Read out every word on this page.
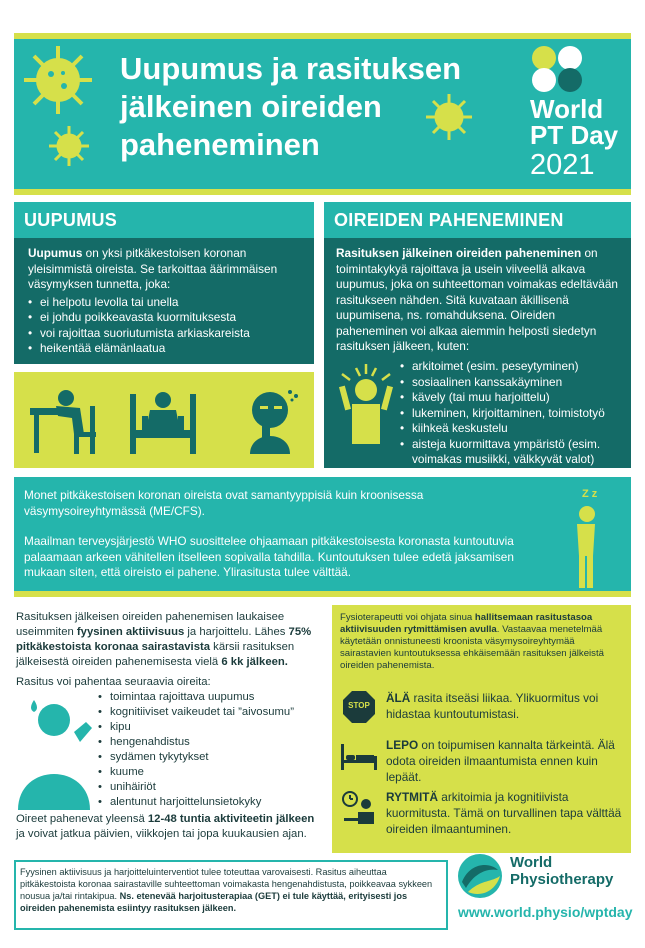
Uupumus ja rasituksen
jälkeinen oireiden
paheneminen
World
PT Day
2021
UUPUMUS
Uupumus on yksi pitkäkestoisen koronan yleisimmistä oireista. Se tarkoittaa äärimmäisen väsymyksen tunnetta, joka:
• ei helpotu levolla tai unella
• ei johdu poikkeavasta kuormituksesta
• voi rajoittaa suoriutumista arkiaskareista
• heikentää elämänlaatua
OIREIDEN PAHENEMINEN
Rasituksen jälkeinen oireiden paheneminen on toimintakykyä rajoittava ja usein viiveellä alkava uupumus, joka on suhteettoman voimakas edeltävään rasitukseen nähden. Sitä kuvataan äkillisenä uupumisena, ns. romahduksena. Oireiden paheneminen voi alkaa aiemmin helposti siedetyn rasituksen jälkeen, kuten:
• arkitoimet (esim. peseytyminen)
• sosiaalinen kanssakäyminen
• kävely (tai muu harjoittelu)
• lukeminen, kirjoittaminen, toimistotyö
• kiihkeä keskustelu
• aisteja kuormittava ympäristö (esim. voimakas musiikki, välkkyvät valot)

Monet pitkäkestoisen koronan oireista ovat samantyyppisiä kuin kroonisessa väsymysoireyhtymässä (ME/CFS).

Maailman terveysjärjestö WHO suosittelee ohjaamaan pitkäkestoisesta koronasta kuntoutuvia palaamaan arkeen vähitellen itselleen sopivalla tahdilla. Kuntoutuksen tulee edetä jaksamisen mukaan siten, että oireisto ei pahene. Ylirasitusta tulee välttää.

Z z
Rasituksen jälkeisen oireiden pahenemisen laukaisee useimmiten fyysinen aktiivisuus ja harjoittelu. Lähes 75% pitkäkestoista koronaa sairastavista kärsii rasituksen jälkeisestä oireiden pahenemisesta vielä 6 kk jälkeen.
Rasitus voi pahentaa seuraavia oireita:
• toimintaa rajoittava uupumus
• kognitiiviset vaikeudet tai ”aivosumu”
• kipu
• hengenahdistus
• sydämen tykytykset
• kuume
• unihäiriöt
• alentunut harjoittelunsietokyky
Oireet pahenevat yleensä 12-48 tuntia aktiviteetin jälkeen ja voivat jatkua päivien, viikkojen tai jopa kuukausien ajan.
Fysioterapeutti voi ohjata sinua hallitsemaan rasitustasoa aktiivisuuden rytmittämisen avulla. Vastaavaa menetelmää käytetään onnistuneesti kroonista väsymysoireyhtymää sairastavien kuntoutuksessa ehkäisemään rasituksen jälkeistä oireiden pahenemista.
STOP
ÄLÄ rasita itseäsi liikaa. Ylikuormitus voi hidastaa kuntoutumistasi.
LEPO on toipumisen kannalta tärkeintä. Älä odota oireiden ilmaantumista ennen kuin lepäät.
RYTMITÄ arkitoimia ja kognitiivista kuormitusta. Tämä on turvallinen tapa välttää oireiden ilmaantuminen.
Fyysinen aktiivisuus ja harjoitteluinterventiot tulee toteuttaa varovaisesti. Rasitus aiheuttaa pitkäkestoista koronaa sairastaville suhteettoman voimakasta hengenahdistusta, poikkeavaa sykkeen nousua ja/tai rintakipua. Ns. etenevää harjoitusterapiaa (GET) ei tule käyttää, erityisesti jos oireiden pahenemista esiintyy rasituksen jälkeen.
World
Physiotherapy
www.world.physio/wptday
